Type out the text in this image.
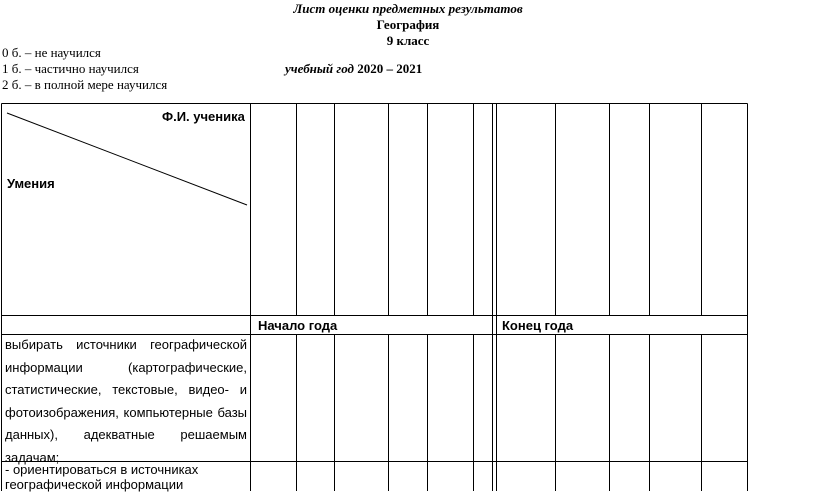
Лист оценки предметных результатов
География
9 класс
0 б. – не научился
1 б. – частично научился
2 б. – в полной мере научился
учебный год 2020 – 2021
Ф.И. ученика
Умения
Начало года	Конец года
выбирать источники географической информации (картографические, статистические, текстовые, видео- и фотоизображения, компьютерные базы данных), адекватные решаемым задачам;
- ориентироваться в источниках географической информации
